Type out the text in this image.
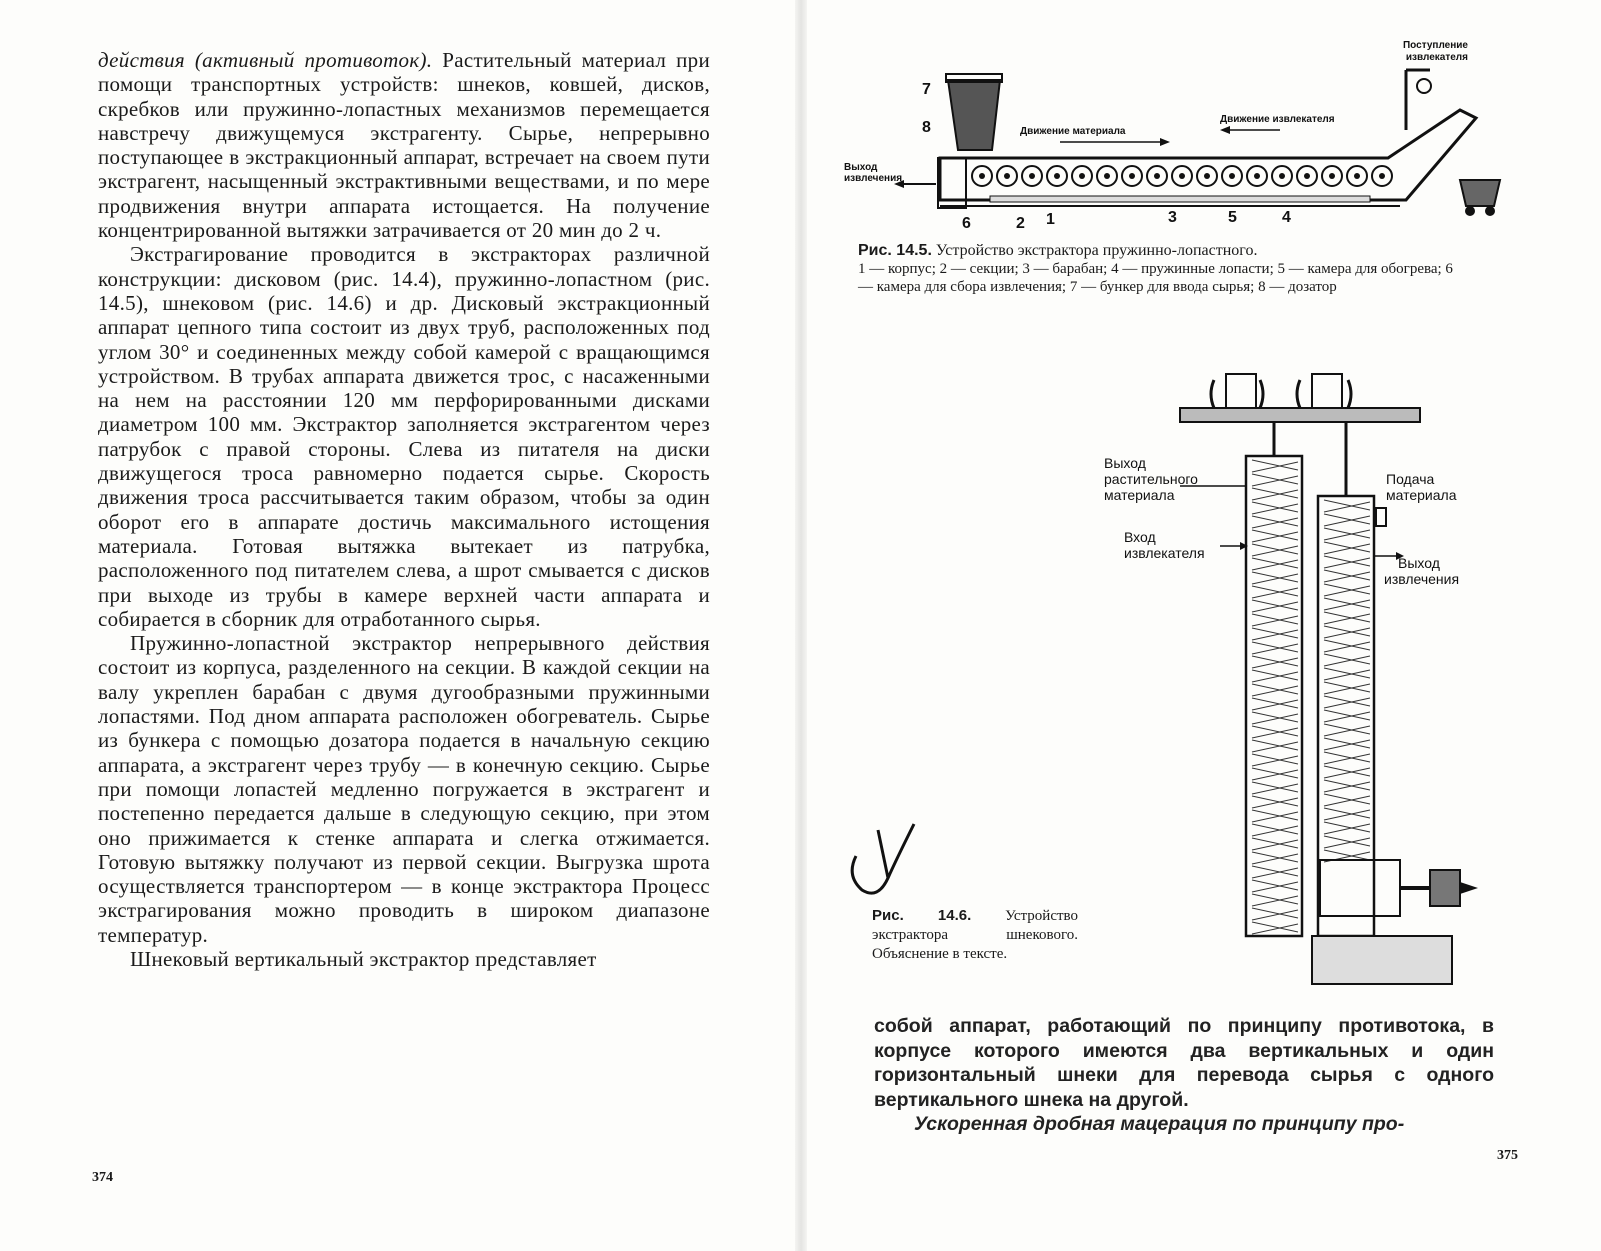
действия (активный противоток). Растительный материал при помощи транспортных устройств: шнеков, ковшей, дисков, скребков или пружинно-лопастных механизмов перемещается навстречу движущемуся экстрагенту. Сырье, непрерывно поступающее в экстракционный аппарат, встречает на своем пути экстрагент, насыщенный экстрактивными веществами, и по мере продвижения внутри аппарата истощается. На получение концентрированной вытяжки затрачивается от 20 мин до 2 ч.

Экстрагирование проводится в экстракторах различной конструкции: дисковом (рис. 14.4), пружинно-лопастном (рис. 14.5), шнековом (рис. 14.6) и др. Дисковый экстракционный аппарат цепного типа состоит из двух труб, расположенных под углом 30° и соединенных между собой камерой с вращающимся устройством. В трубах аппарата движется трос, с насаженными на нем на расстоянии 120 мм перфорированными дисками диаметром 100 мм. Экстрактор заполняется экстрагентом через патрубок с правой стороны. Слева из питателя на диски движущегося троса равномерно подается сырье. Скорость движения троса рассчитывается таким образом, чтобы за один оборот его в аппарате достичь максимального истощения материала. Готовая вытяжка вытекает из патрубка, расположенного под питателем слева, а шрот смывается с дисков при выходе из трубы в камере верхней части аппарата и собирается в сборник для отработанного сырья.

Пружинно-лопастной экстрактор непрерывного действия состоит из корпуса, разделенного на секции. В каждой секции на валу укреплен барабан с двумя дугообразными пружинными лопастями. Под дном аппарата расположен обогреватель. Сырье из бункера с помощью дозатора подается в начальную секцию аппарата, а экстрагент через трубу — в конечную секцию. Сырье при помощи лопастей медленно погружается в экстрагент и постепенно передается дальше в следующую секцию, при этом оно прижимается к стенке аппарата и слегка отжимается. Готовую вытяжку получают из первой секции. Выгрузка шрота осуществляется транспортером — в конце экстрактора Процесс экстрагирования можно проводить в широком диапазоне температур.

Шнековый вертикальный экстрактор представляет

374
Поступление
извлекателя
Движение материала
Движение извлекателя
Выход
извлечения
7
8
6	2 1	3	5	4
Рис. 14.5. Устройство экстрактора пружинно-лопастного.
1 — корпус; 2 — секции; 3 — барабан; 4 — пружинные лопасти; 5 — камера для обогрева; 6 — камера для сбора извлечения; 7 — бункер для ввода сырья; 8 — дозатор
Выход
растительного
материала
Вход
извлекателя
Подача
материала
Выход
извлечения
Рис. 14.6. Устройство экстрактора шнекового. Объяснение в тексте.

собой аппарат, работающий по принципу противотока, в корпусе которого имеются два вертикальных и один горизонтальный шнеки для перевода сырья с одного вертикального шнека на другой.

Ускоренная дробная мацерация по принципу про-

375
